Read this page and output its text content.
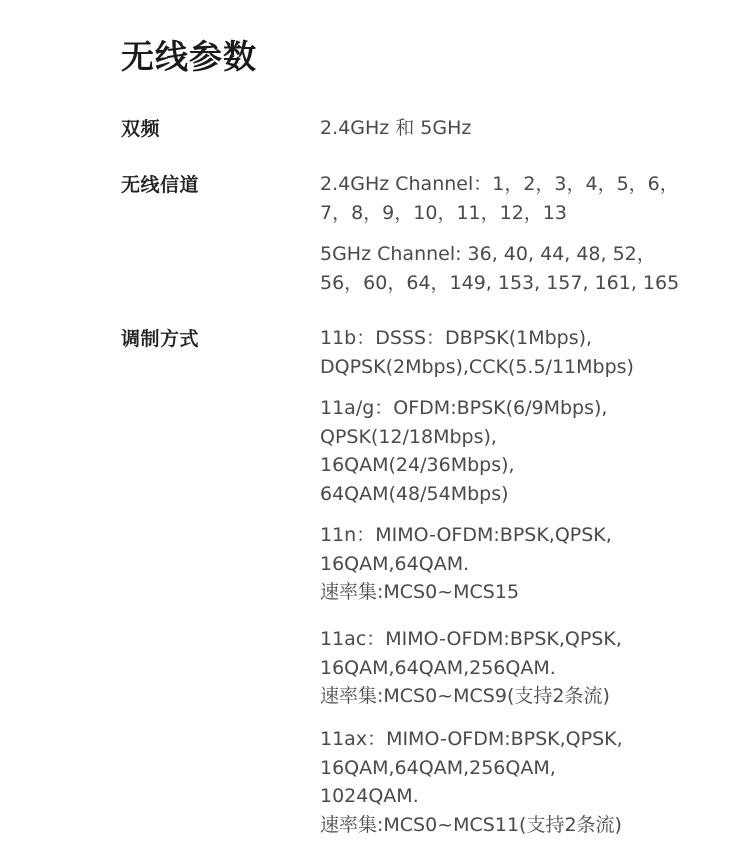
无线参数
双频	2.4GHz 和 5GHz
无线信道	2.4GHz Channel：1，2，3，4，5，6，
7，8，9，10，11，12，13
5GHz Channel: 36, 40, 44, 48, 52，
56，60，64，149, 153, 157, 161, 165
调制方式	11b：DSSS：DBPSK(1Mbps),
DQPSK(2Mbps),CCK(5.5/11Mbps)
11a/g：OFDM:BPSK(6/9Mbps),
QPSK(12/18Mbps),
16QAM(24/36Mbps),
64QAM(48/54Mbps)
11n：MIMO-OFDM:BPSK,QPSK,
16QAM,64QAM.
速率集:MCS0~MCS15
11ac：MIMO-OFDM:BPSK,QPSK,
16QAM,64QAM,256QAM.
速率集:MCS0~MCS9(支持2条流)
11ax：MIMO-OFDM:BPSK,QPSK,
16QAM,64QAM,256QAM,
1024QAM.
速率集:MCS0~MCS11(支持2条流)
